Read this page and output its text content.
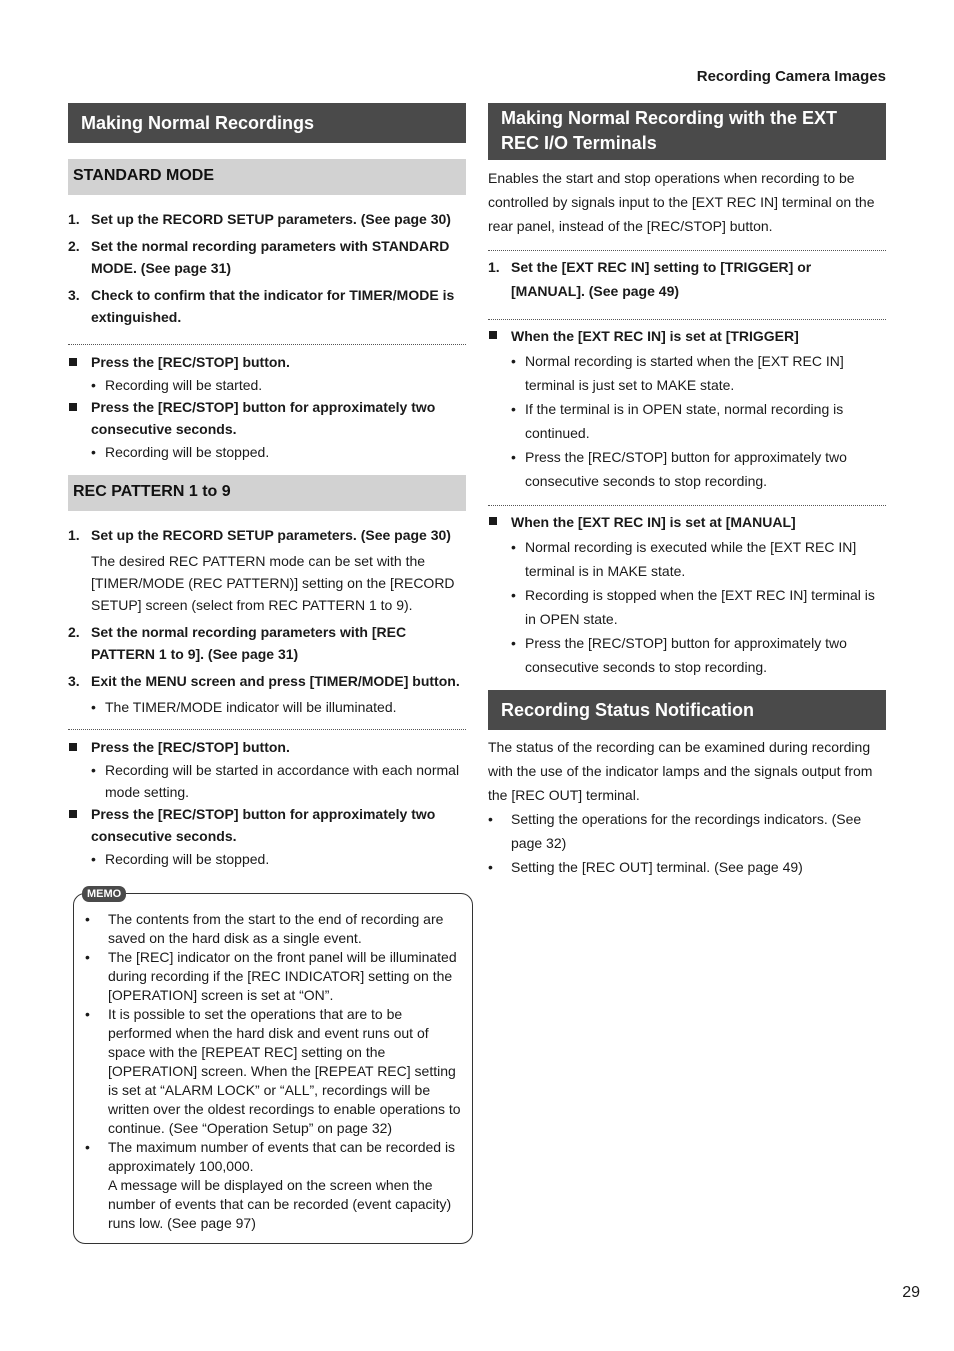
Recording Camera Images
Making Normal Recordings
STANDARD MODE
1. Set up the RECORD SETUP parameters. (See page 30)
2. Set the normal recording parameters with STANDARD MODE. (See page 31)
3. Check to confirm that the indicator for TIMER/MODE is extinguished.
Press the [REC/STOP] button.
• Recording will be started.
Press the [REC/STOP] button for approximately two consecutive seconds.
• Recording will be stopped.
REC PATTERN 1 to 9
1. Set up the RECORD SETUP parameters. (See page 30)
The desired REC PATTERN mode can be set with the [TIMER/MODE (REC PATTERN)] setting on the [RECORD SETUP] screen (select from REC PATTERN 1 to 9).
2. Set the normal recording parameters with [REC PATTERN 1 to 9]. (See page 31)
3. Exit the MENU screen and press [TIMER/MODE] button.
• The TIMER/MODE indicator will be illuminated.
Press the [REC/STOP] button.
• Recording will be started in accordance with each normal mode setting.
Press the [REC/STOP] button for approximately two consecutive seconds.
• Recording will be stopped.
MEMO
• The contents from the start to the end of recording are saved on the hard disk as a single event.
• The [REC] indicator on the front panel will be illuminated during recording if the [REC INDICATOR] setting on the [OPERATION] screen is set at “ON”.
• It is possible to set the operations that are to be performed when the hard disk and event runs out of space with the [REPEAT REC] setting on the [OPERATION] screen. When the [REPEAT REC] setting is set at “ALARM LOCK” or “ALL”, recordings will be written over the oldest recordings to enable operations to continue. (See “Operation Setup” on page 32)
• The maximum number of events that can be recorded is approximately 100,000.
A message will be displayed on the screen when the number of events that can be recorded (event capacity) runs low. (See page 97)
Making Normal Recording with the EXT REC I/O Terminals
Enables the start and stop operations when recording to be controlled by signals input to the [EXT REC IN] terminal on the rear panel, instead of the [REC/STOP] button.
1. Set the [EXT REC IN] setting to [TRIGGER] or [MANUAL]. (See page 49)
When the [EXT REC IN] is set at [TRIGGER]
• Normal recording is started when the [EXT REC IN] terminal is just set to MAKE state.
• If the terminal is in OPEN state, normal recording is continued.
• Press the [REC/STOP] button for approximately two consecutive seconds to stop recording.
When the [EXT REC IN] is set at [MANUAL]
• Normal recording is executed while the [EXT REC IN] terminal is in MAKE state.
• Recording is stopped when the [EXT REC IN] terminal is in OPEN state.
• Press the [REC/STOP] button for approximately two consecutive seconds to stop recording.
Recording Status Notification
The status of the recording can be examined during recording with the use of the indicator lamps and the signals output from the [REC OUT] terminal.
• Setting the operations for the recordings indicators. (See page 32)
• Setting the [REC OUT] terminal. (See page 49)
29
